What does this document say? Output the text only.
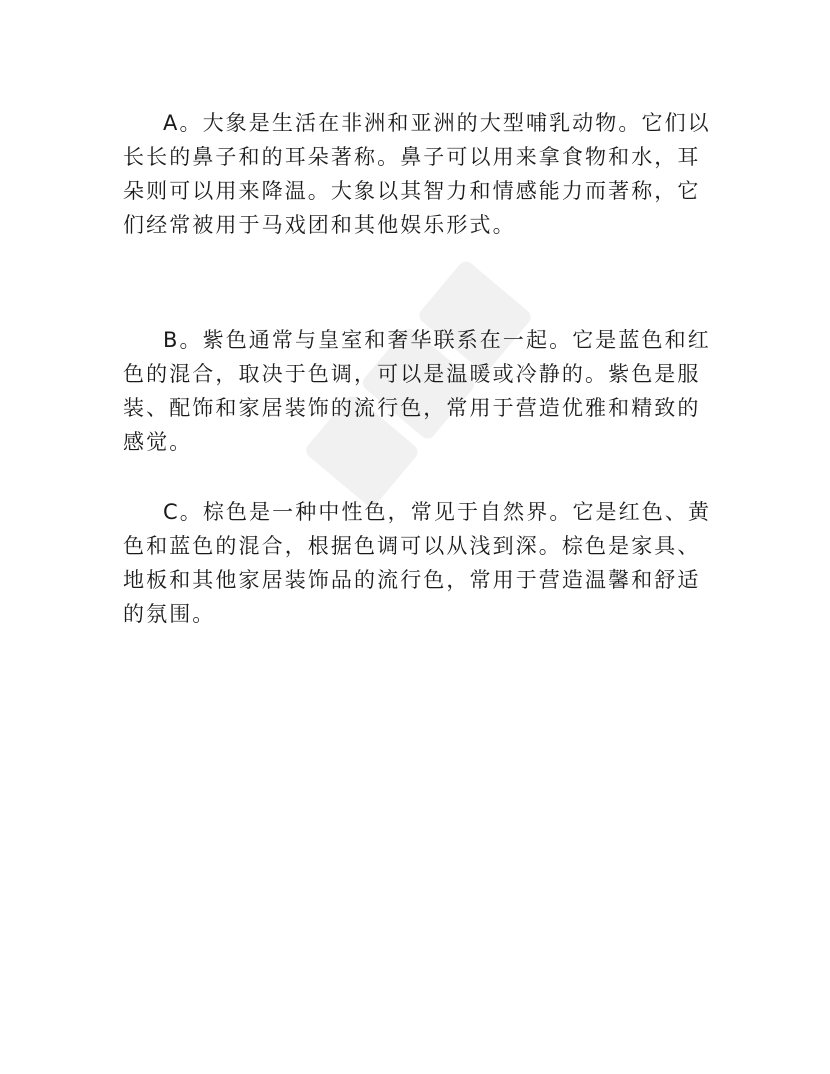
A。大象是生活在非洲和亚洲的大型哺乳动物。它们以长长的鼻子和的耳朵著称。鼻子可以用来拿食物和水，耳朵则可以用来降温。大象以其智力和情感能力而著称，它们经常被用于马戏团和其他娱乐形式。

B。紫色通常与皇室和奢华联系在一起。它是蓝色和红色的混合，取决于色调，可以是温暖或冷静的。紫色是服装、配饰和家居装饰的流行色，常用于营造优雅和精致的感觉。

C。棕色是一种中性色，常见于自然界。它是红色、黄色和蓝色的混合，根据色调可以从浅到深。棕色是家具、地板和其他家居装饰品的流行色，常用于营造温馨和舒适的氛围。
